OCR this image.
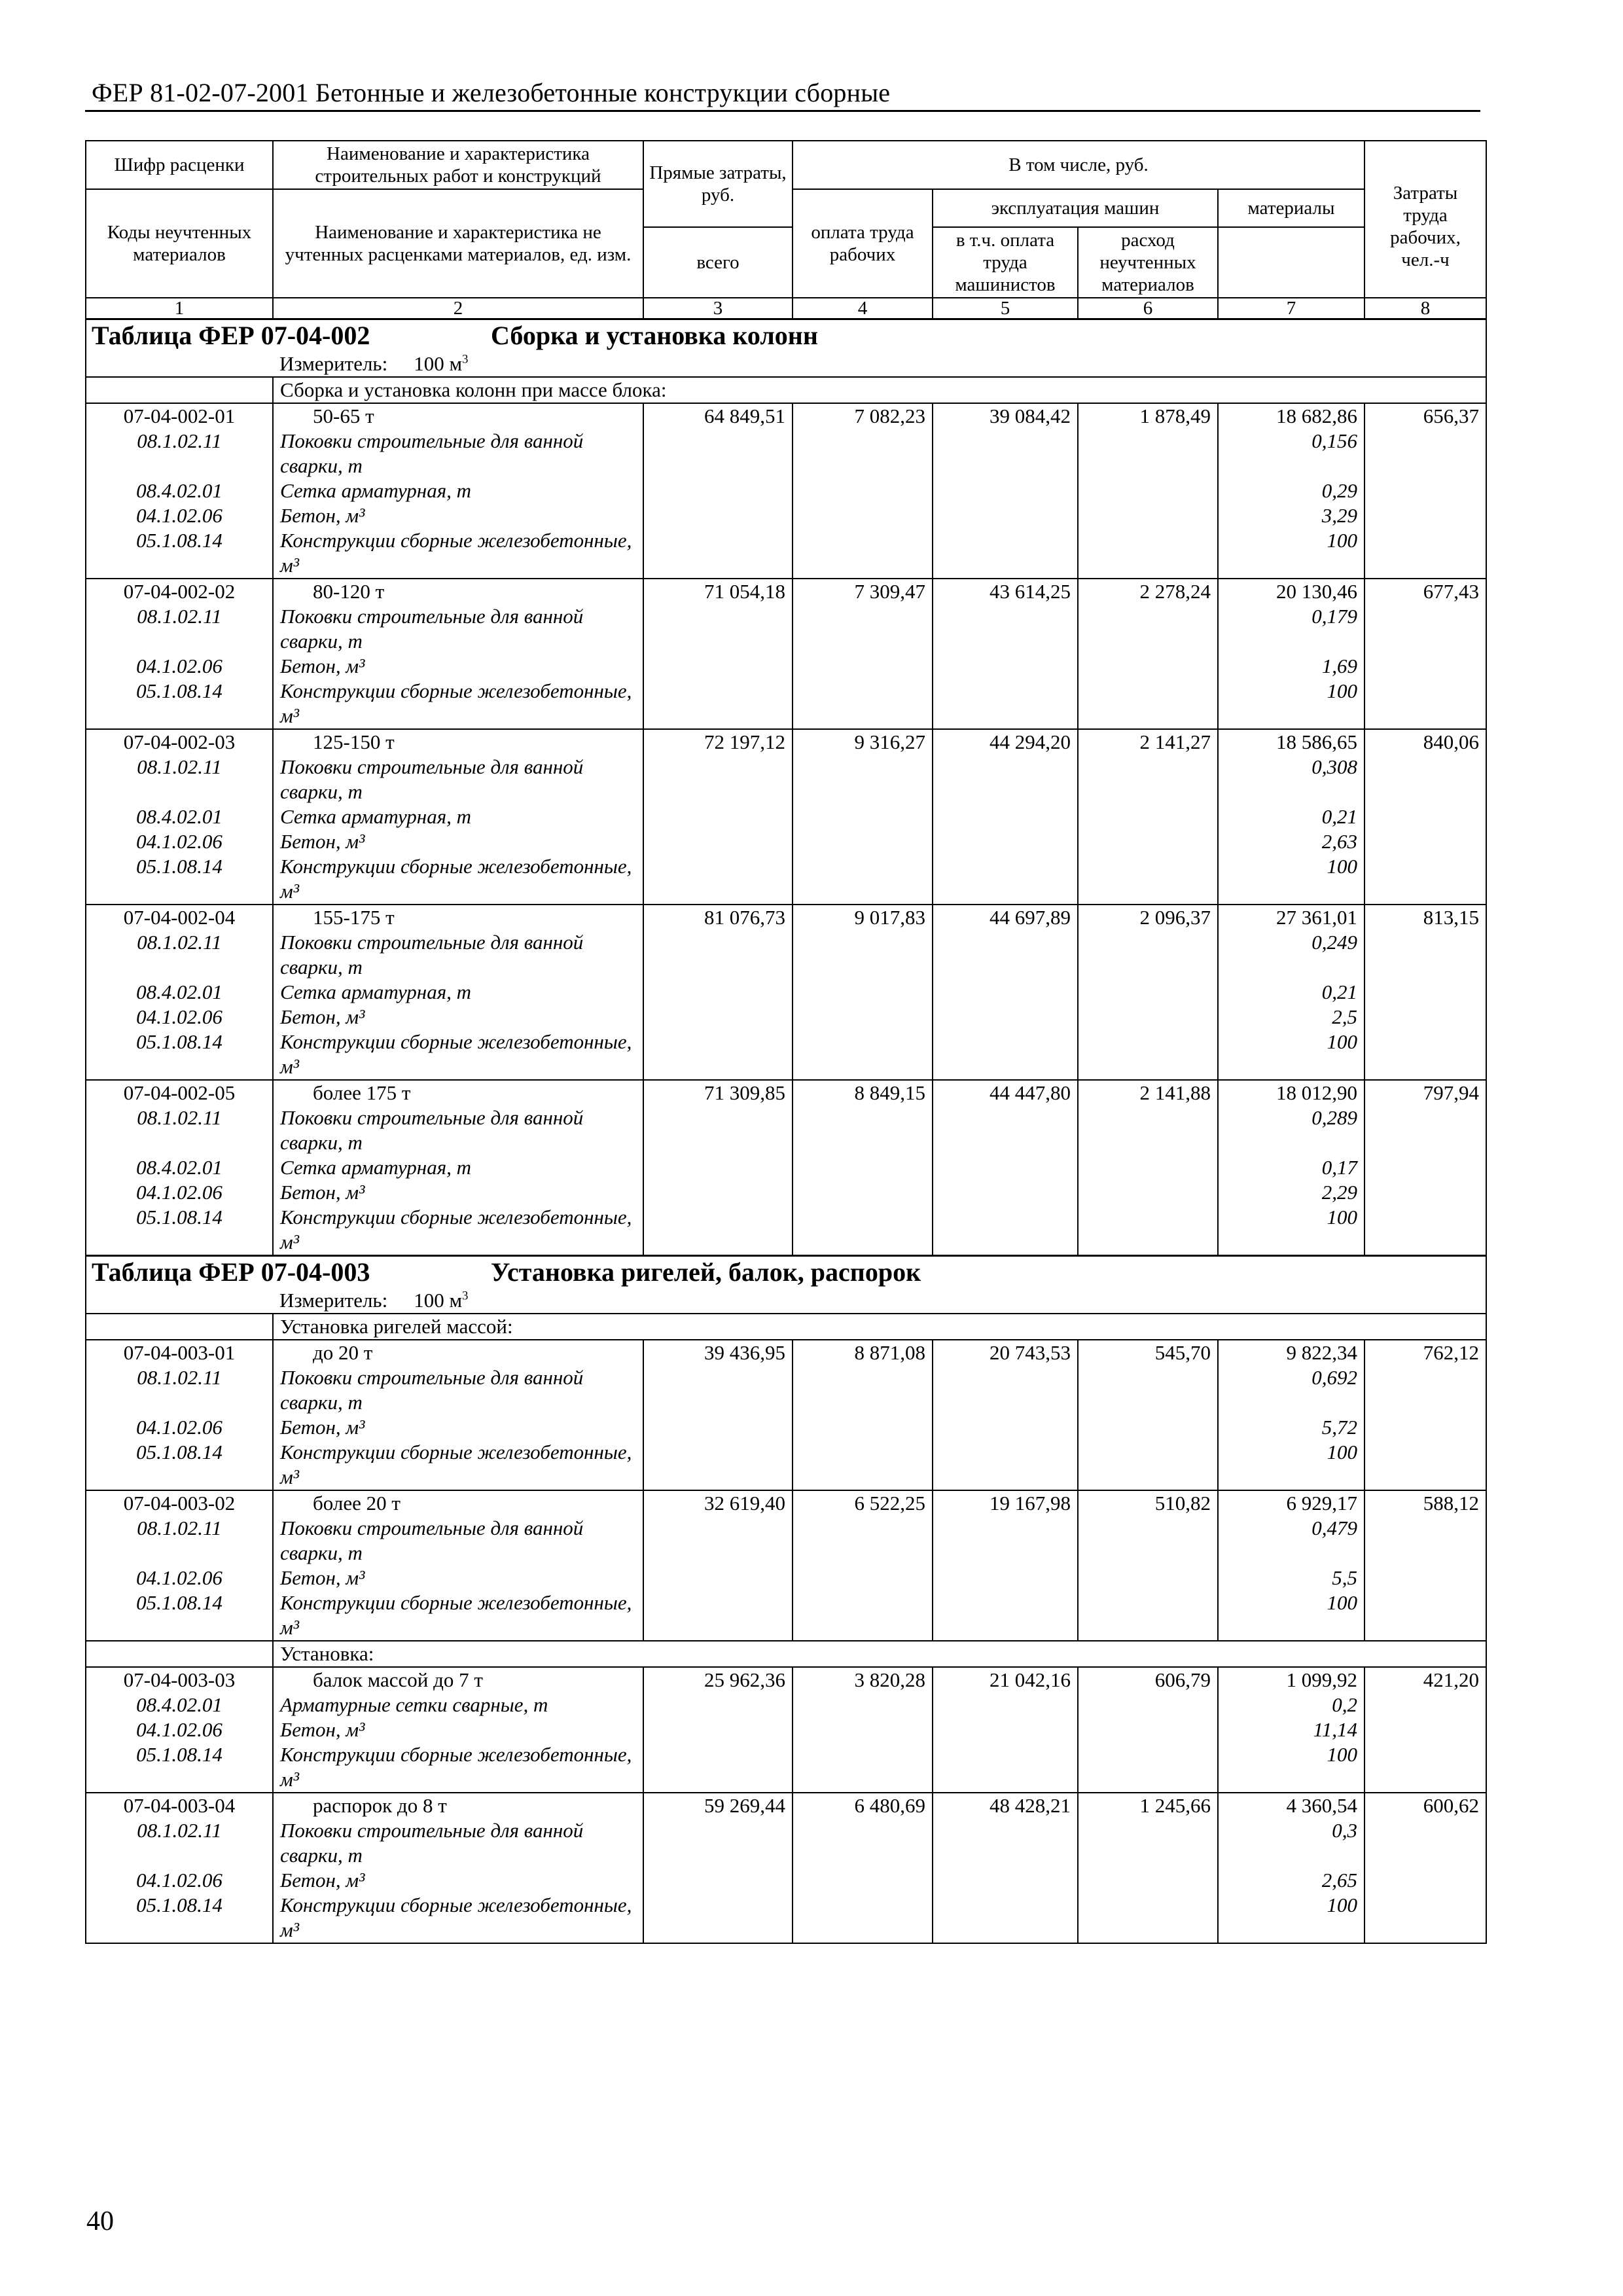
ФЕР 81-02-07-2001 Бетонные и железобетонные конструкции сборные
Шифр расценки	Наименование и характеристика строительных работ и конструкций	Прямые затраты, руб.	В том числе, руб.				Затраты труда рабочих, чел.-ч
Коды неучтенных материалов	Наименование и характеристика не учтенных расценками материалов, ед. изм.						
			оплата труда рабочих	эксплуатация машин		материалы	
		всего		в т.ч. оплата труда машинистов	расход неучтенных материалов		
1	2	3	4	5	6	7	8
Таблица ФЕР 07-04-002 Сборка и установка колонн							
	Измеритель: 100 $м^3$
	Сборка и установка колонн при массе блока:						
07-04-002-01	50-65 т	64 849,51	7 082,23	39 084,42	1 878,49	18 682,86	656,37
08.1.02.11	Поковки строительные для ванной сварки, т					0,156	
08.4.02.01	Сетка арматурная, т					0,29	
04.1.02.06	Бетон, м³					3,29	
05.1.08.14	Конструкции сборные железобетонные, м³					100	
07-04-002-02	80-120 т	71 054,18	7 309,47	43 614,25	2 278,24	20 130,46	677,43
08.1.02.11	Поковки строительные для ванной сварки, т					0,179	
04.1.02.06	Бетон, м³					1,69	
05.1.08.14	Конструкции сборные железобетонные, м³					100	
07-04-002-03	125-150 т	72 197,12	9 316,27	44 294,20	2 141,27	18 586,65	840,06
08.1.02.11	Поковки строительные для ванной сварки, т					0,308	
08.4.02.01	Сетка арматурная, т					0,21	
04.1.02.06	Бетон, м³					2,63	
05.1.08.14	Конструкции сборные железобетонные, м³					100	
07-04-002-04	155-175 т	81 076,73	9 017,83	44 697,89	2 096,37	27 361,01	813,15
08.1.02.11	Поковки строительные для ванной сварки, т					0,249	
08.4.02.01	Сетка арматурная, т					0,21	
04.1.02.06	Бетон, м³					2,5	
05.1.08.14	Конструкции сборные железобетонные, м³					100	
07-04-002-05	более 175 т	71 309,85	8 849,15	44 447,80	2 141,88	18 012,90	797,94
08.1.02.11	Поковки строительные для ванной сварки, т					0,289	
08.4.02.01	Сетка арматурная, т					0,17	
04.1.02.06	Бетон, м³					2,29	
05.1.08.14	Конструкции сборные железобетонные, м³					100	
Таблица ФЕР 07-04-003 Установка ригелей, балок, распорок							
	Измеритель: 100 $м^3$
	Установка ригелей массой:						
07-04-003-01	до 20 т	39 436,95	8 871,08	20 743,53	545,70	9 822,34	762,12
08.1.02.11	Поковки строительные для ванной сварки, т					0,692	
04.1.02.06	Бетон, м³					5,72	
05.1.08.14	Конструкции сборные железобетонные, м³					100	
07-04-003-02	более 20 т	32 619,40	6 522,25	19 167,98	510,82	6 929,17	588,12
08.1.02.11	Поковки строительные для ванной сварки, т					0,479	
04.1.02.06	Бетон, м³					5,5	
05.1.08.14	Конструкции сборные железобетонные, м³					100	
	Установка:						
07-04-003-03	балок массой до 7 т	25 962,36	3 820,28	21 042,16	606,79	1 099,92	421,20
08.4.02.01	Арматурные сетки сварные, т					0,2	
04.1.02.06	Бетон, м³					11,14	
05.1.08.14	Конструкции сборные железобетонные, м³					100	
07-04-003-04	распорок до 8 т	59 269,44	6 480,69	48 428,21	1 245,66	4 360,54	600,62
08.1.02.11	Поковки строительные для ванной сварки, т					0,3	
04.1.02.06	Бетон, м³					2,65	
05.1.08.14	Конструкции сборные железобетонные, м³					100	
40
